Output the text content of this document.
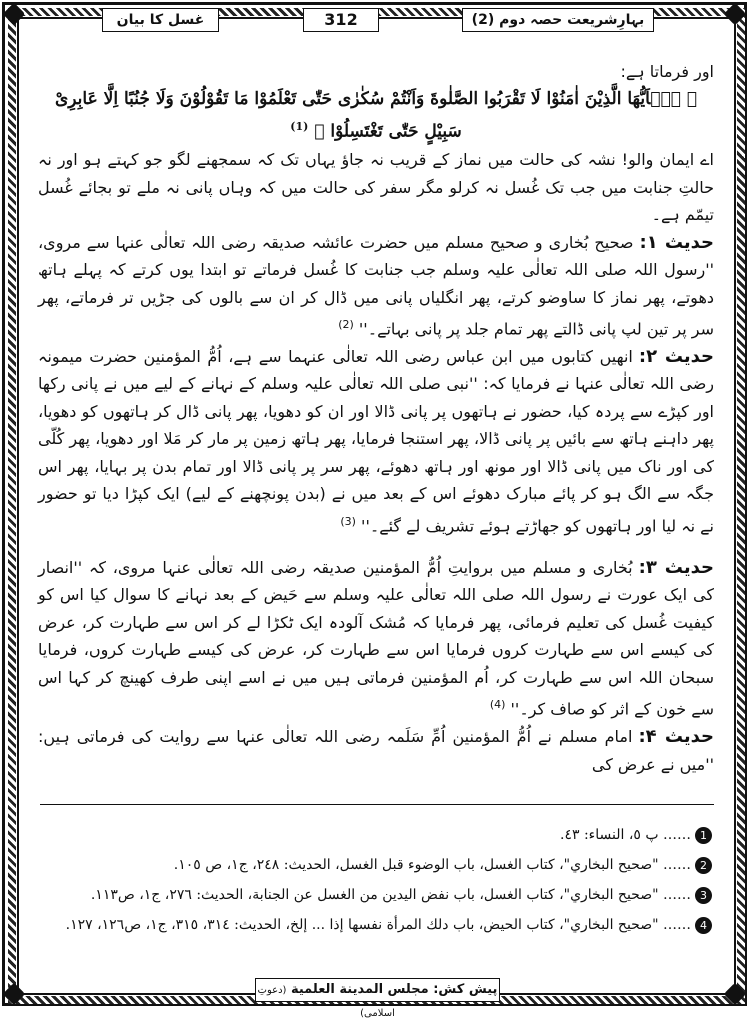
بہارِشریعت حصہ دوم (2)
312
غسل کا بیان

اور فرماتا ہے:

﴿ یٰۤاَیُّهَا الَّذِیْنَ اٰمَنُوْا لَا تَقْرَبُوا الصَّلٰوةَ وَاَنْتُمْ سُكٰرٰى حَتّٰى تَعْلَمُوْا مَا تَقُوْلُوْنَ وَلَا جُنُبًا اِلَّا عَابِرِیْ سَبِیْلٍ حَتّٰى تَغْتَسِلُوْا ﴾ $^{(1)}$

اے ایمان والو! نشہ کی حالت میں نماز کے قریب نہ جاؤ یہاں تک کہ سمجھنے لگو جو کہتے ہو اور نہ حالتِ جنابت میں جب تک غُسل نہ کرلو مگر سفر کی حالت میں کہ وہاں پانی نہ ملے تو بجائے غُسل تیمّم ہے۔

حدیث ۱:صحیح بُخاری و صحیح مسلم میں حضرت عائشہ صدیقہ رضی اللہ تعالٰی عنہا سے مروی، ''رسول اللہ صلی اللہ تعالٰی علیہ وسلم جب جنابت کا غُسل فرماتے تو ابتدا یوں کرتے کہ پہلے ہاتھ دھوتے، پھر نماز کا ساوضو کرتے، پھر انگلیاں پانی میں ڈال کر ان سے بالوں کی جڑیں تر فرماتے، پھر سر پر تین لپ پانی ڈالتے پھر تمام جلد پر پانی بہاتے۔'' $^{(2)}$

حدیث ۲:انھیں کتابوں میں ابن عباس رضی اللہ تعالٰی عنہما سے ہے، اُمُّ المؤمنین حضرت میمونہ رضی اللہ تعالٰی عنہا نے فرمایا کہ: ''نبی صلی اللہ تعالٰی علیہ وسلم کے نہانے کے لیے میں نے پانی رکھا اور کپڑے سے پردہ کیا، حضور نے ہاتھوں پر پانی ڈالا اور ان کو دھویا، پھر پانی ڈال کر ہاتھوں کو دھویا، پھر داہنے ہاتھ سے بائیں پر پانی ڈالا، پھر استنجا فرمایا، پھر ہاتھ زمین پر مار کر مَلا اور دھویا، پھر کُلّی کی اور ناک میں پانی ڈالا اور مونھ اور ہاتھ دھوئے، پھر سر پر پانی ڈالا اور تمام بدن پر بہایا، پھر اس جگہ سے الگ ہو کر پائے مبارک دھوئے اس کے بعد میں نے (بدن پونچھنے کے لیے) ایک کپڑا دیا تو حضور نے نہ لیا اور ہاتھوں کو جھاڑتے ہوئے تشریف لے گئے۔'' $^{(3)}$

حدیث ۳:بُخاری و مسلم میں بروایتِ اُمُّ المؤمنین صدیقہ رضی اللہ تعالٰی عنہا مروی، کہ ''انصار کی ایک عورت نے رسول اللہ صلی اللہ تعالٰی علیہ وسلم سے حَیض کے بعد نہانے کا سوال کیا اس کو کیفیت غُسل کی تعلیم فرمائی، پھر فرمایا کہ مُشک آلودہ ایک ٹکڑا لے کر اس سے طہارت کر، عرض کی کیسے اس سے طہارت کروں فرمایا اس سے طہارت کر، عرض کی کیسے طہارت کروں، فرمایا سبحان اللہ اس سے طہارت کر، اُم المؤمنین فرماتی ہیں میں نے اسے اپنی طرف کھینچ کر کہا اس سے خون کے اثر کو صاف کر۔'' $^{(4)}$

حدیث ۴:امام مسلم نے اُمُّ المؤمنین اُمِّ سَلَمہ رضی اللہ تعالٰی عنہا سے روایت کی فرماتی ہیں: ''میں نے عرض کی

1…… پ ٥، النساء: ٤٣.
2…… "صحيح البخاري"، كتاب الغسل، باب الوضوء قبل الغسل، الحديث: ٢٤٨، ج١، ص ١٠٥.
3…… "صحيح البخاري"، كتاب الغسل، باب نفض اليدين من الغسل عن الجنابة، الحديث: ٢٧٦، ج١، ص١١٣.
4…… "صحيح البخاري"، كتاب الحيض، باب دلك المرأة نفسها إذا ... إلخ، الحديث: ٣١٤، ٣١٥، ج١، ص١٢٦، ١٢٧.
پیش کش: مجلس المدينة العلمية (دعوتِ اسلامی)
